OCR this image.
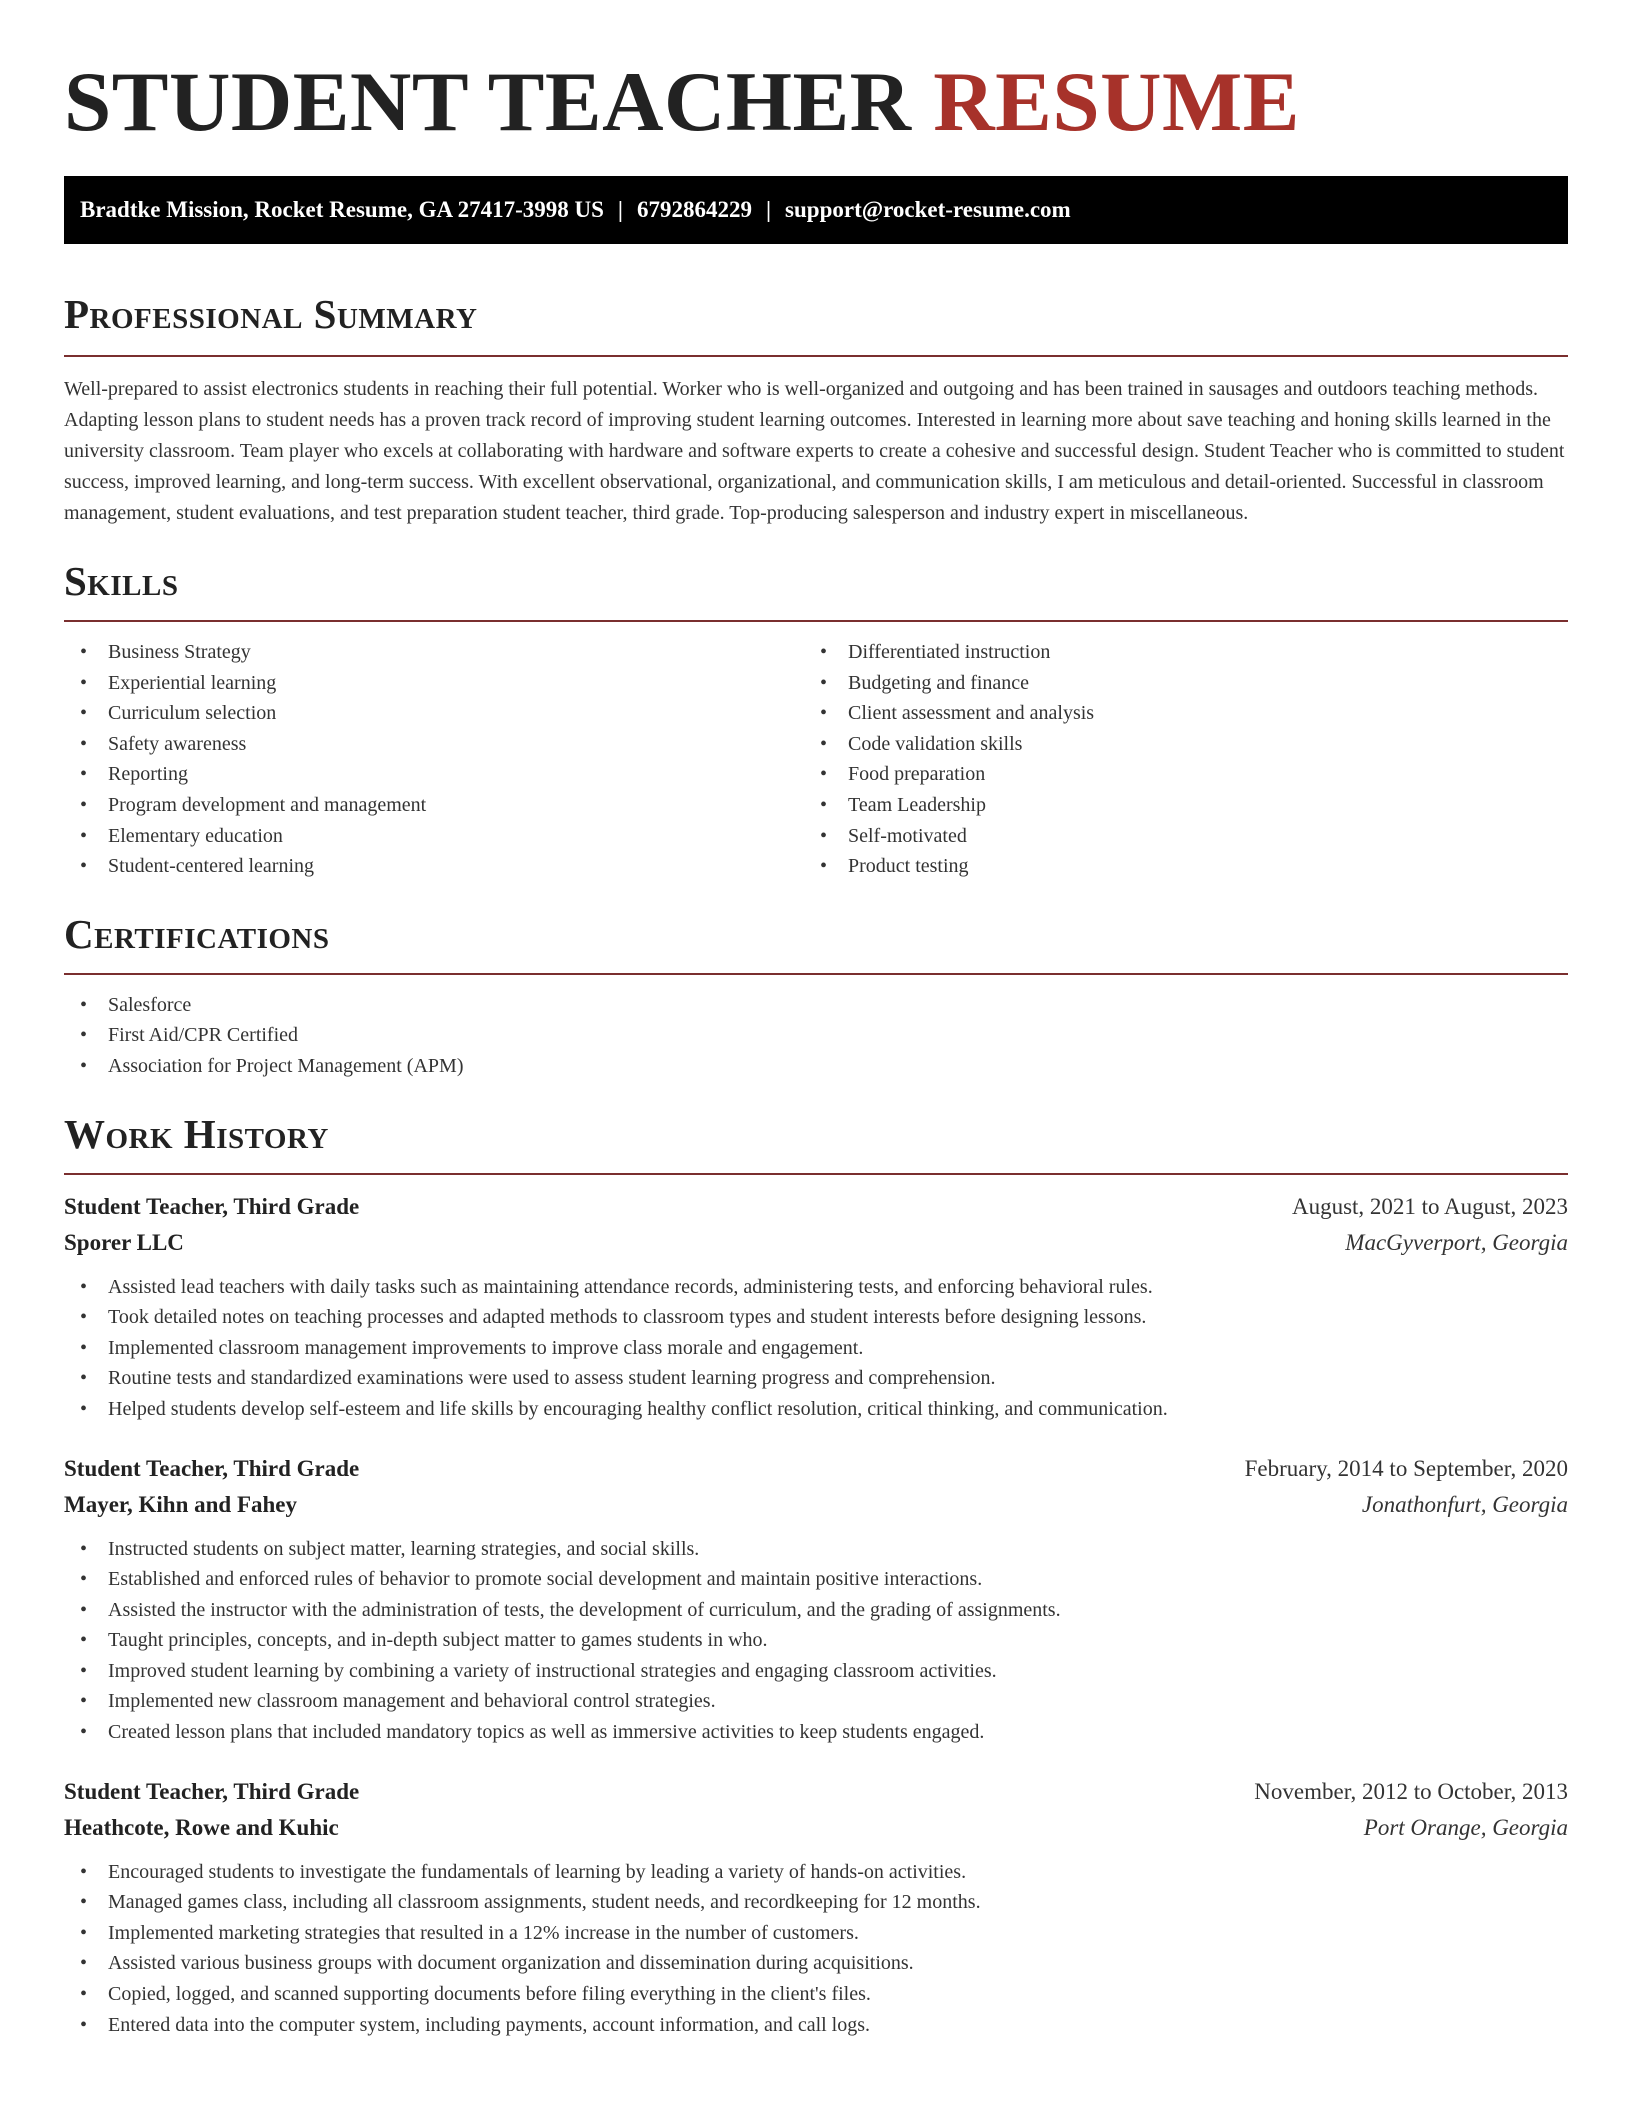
STUDENT TEACHER RESUME
Bradtke Mission, Rocket Resume, GA 27417-3998 US | 6792864229 | support@rocket-resume.com
Professional Summary

Well-prepared to assist electronics students in reaching their full potential. Worker who is well-organized and outgoing and has been trained in sausages and outdoors teaching methods. Adapting lesson plans to student needs has a proven track record of improving student learning outcomes. Interested in learning more about save teaching and honing skills learned in the university classroom. Team player who excels at collaborating with hardware and software experts to create a cohesive and successful design. Student Teacher who is committed to student success, improved learning, and long-term success. With excellent observational, organizational, and communication skills, I am meticulous and detail-oriented. Successful in classroom management, student evaluations, and test preparation student teacher, third grade. Top-producing salesperson and industry expert in miscellaneous.

Skills
• Business Strategy
• Experiential learning
• Curriculum selection
• Safety awareness
• Reporting
• Program development and management
• Elementary education
• Student-centered learning
• Differentiated instruction
• Budgeting and finance
• Client assessment and analysis
• Code validation skills
• Food preparation
• Team Leadership
• Self-motivated
• Product testing
Certifications
• Salesforce
• First Aid/CPR Certified
• Association for Project Management (APM)
Work History
Student Teacher, Third Grade	August, 2021 to August, 2023
Sporer LLC	MacGyverport, Georgia
• Assisted lead teachers with daily tasks such as maintaining attendance records, administering tests, and enforcing behavioral rules.
• Took detailed notes on teaching processes and adapted methods to classroom types and student interests before designing lessons.
• Implemented classroom management improvements to improve class morale and engagement.
• Routine tests and standardized examinations were used to assess student learning progress and comprehension.
• Helped students develop self-esteem and life skills by encouraging healthy conflict resolution, critical thinking, and communication.
Student Teacher, Third Grade	February, 2014 to September, 2020
Mayer, Kihn and Fahey	Jonathonfurt, Georgia
• Instructed students on subject matter, learning strategies, and social skills.
• Established and enforced rules of behavior to promote social development and maintain positive interactions.
• Assisted the instructor with the administration of tests, the development of curriculum, and the grading of assignments.
• Taught principles, concepts, and in-depth subject matter to games students in who.
• Improved student learning by combining a variety of instructional strategies and engaging classroom activities.
• Implemented new classroom management and behavioral control strategies.
• Created lesson plans that included mandatory topics as well as immersive activities to keep students engaged.
Student Teacher, Third Grade	November, 2012 to October, 2013
Heathcote, Rowe and Kuhic	Port Orange, Georgia
• Encouraged students to investigate the fundamentals of learning by leading a variety of hands-on activities.
• Managed games class, including all classroom assignments, student needs, and recordkeeping for 12 months.
• Implemented marketing strategies that resulted in a 12% increase in the number of customers.
• Assisted various business groups with document organization and dissemination during acquisitions.
• Copied, logged, and scanned supporting documents before filing everything in the client's files.
• Entered data into the computer system, including payments, account information, and call logs.
